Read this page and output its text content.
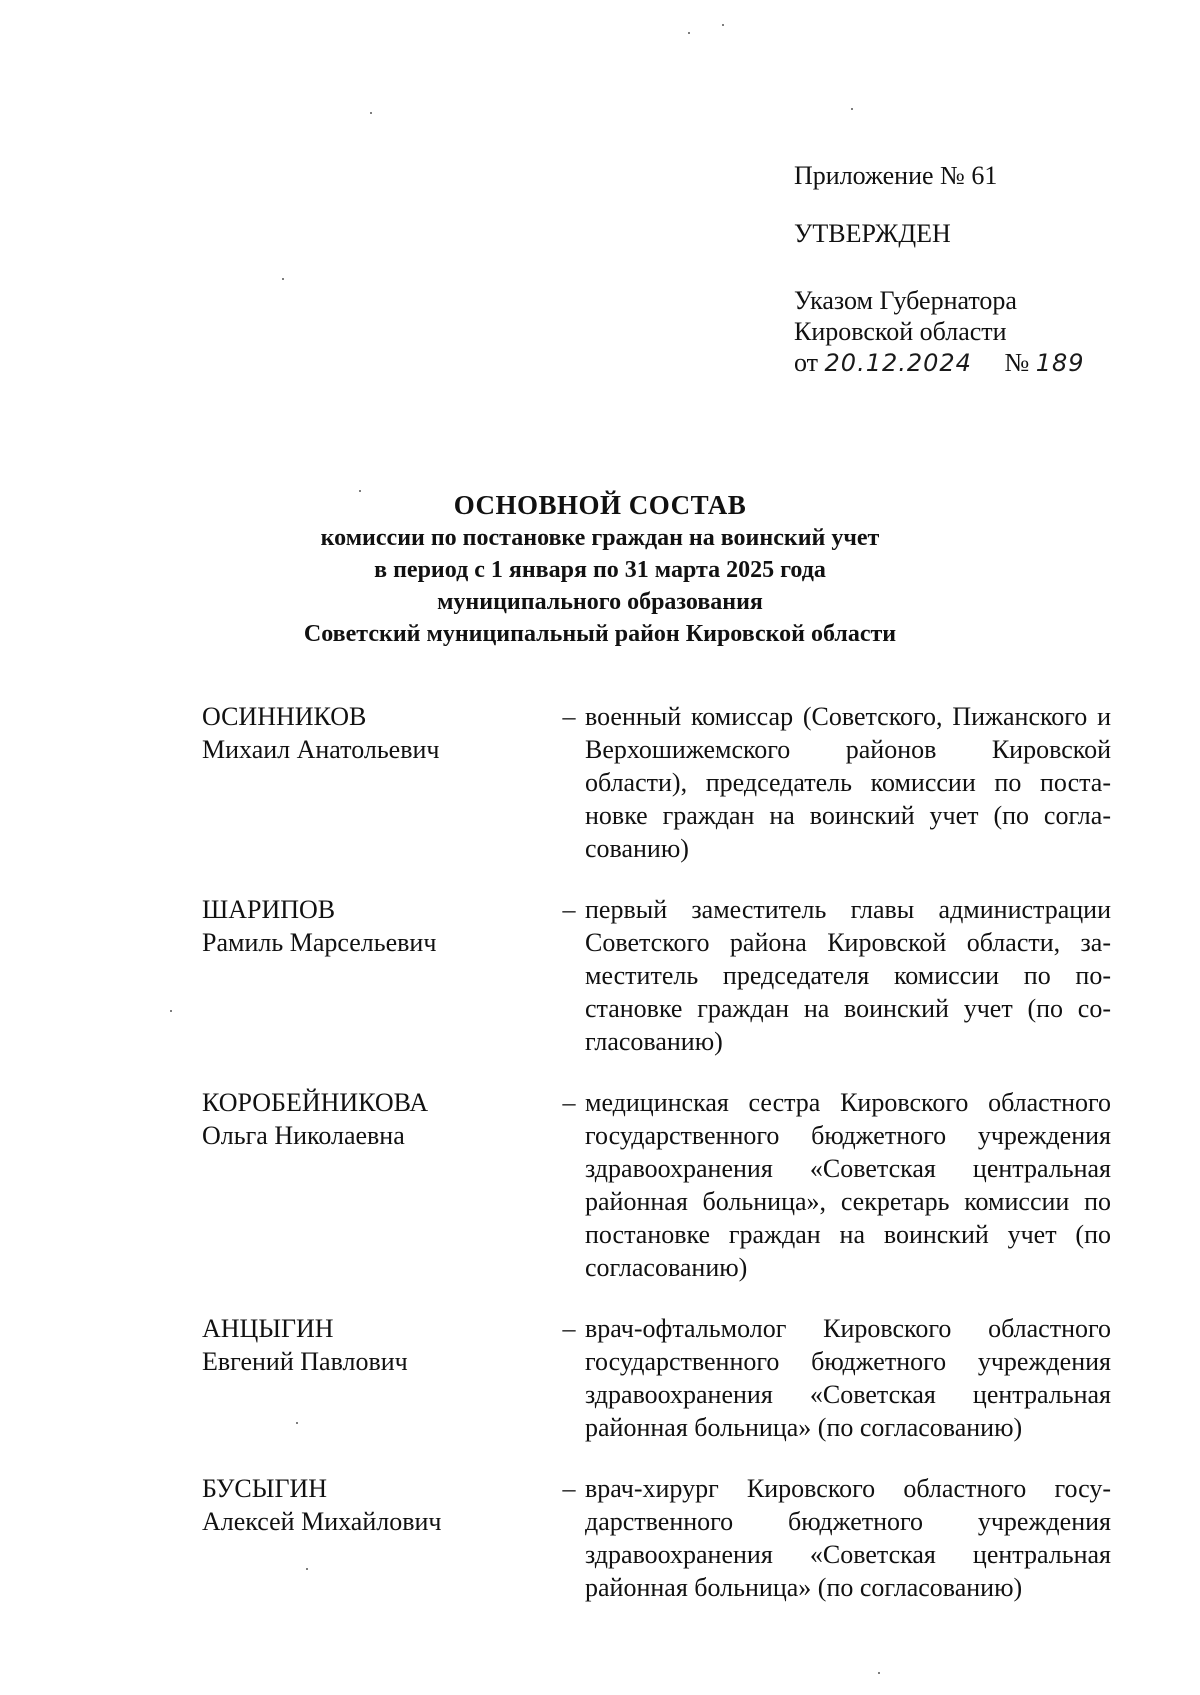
Приложение № 61
УТВЕРЖДЕН
Указом Губернатора
Кировской области
от 20.12.2024 № 189
ОСНОВНОЙ СОСТАВ
комиссии по постановке граждан на воинский учет
в период с 1 января по 31 марта 2025 года
муниципального образования
Советский муниципальный район Кировской области
ОСИННИКОВ
Михаил Анатольевич
– военный комиссар (Советского, Пижанского и Верхошижемского районов Кировской области), председатель комиссии по постановке граждан на воинский учет (по согласованию)
ШАРИПОВ
Рамиль Марсельевич
– первый заместитель главы администрации Советского района Кировской области, заместитель председателя комиссии по постановке граждан на воинский учет (по согласованию)
КОРОБЕЙНИКОВА
Ольга Николаевна
– медицинская сестра Кировского областного государственного бюджетного учреждения здравоохранения «Советская центральная районная больница», секретарь комиссии по постановке граждан на воинский учет (по согласованию)
АНЦЫГИН
Евгений Павлович
– врач-офтальмолог Кировского областного государственного бюджетного учреждения здравоохранения «Советская центральная районная больница» (по согласованию)
БУСЫГИН
Алексей Михайлович
– врач-хирург Кировского областного государственного бюджетного учреждения здравоохранения «Советская центральная районная больница» (по согласованию)
